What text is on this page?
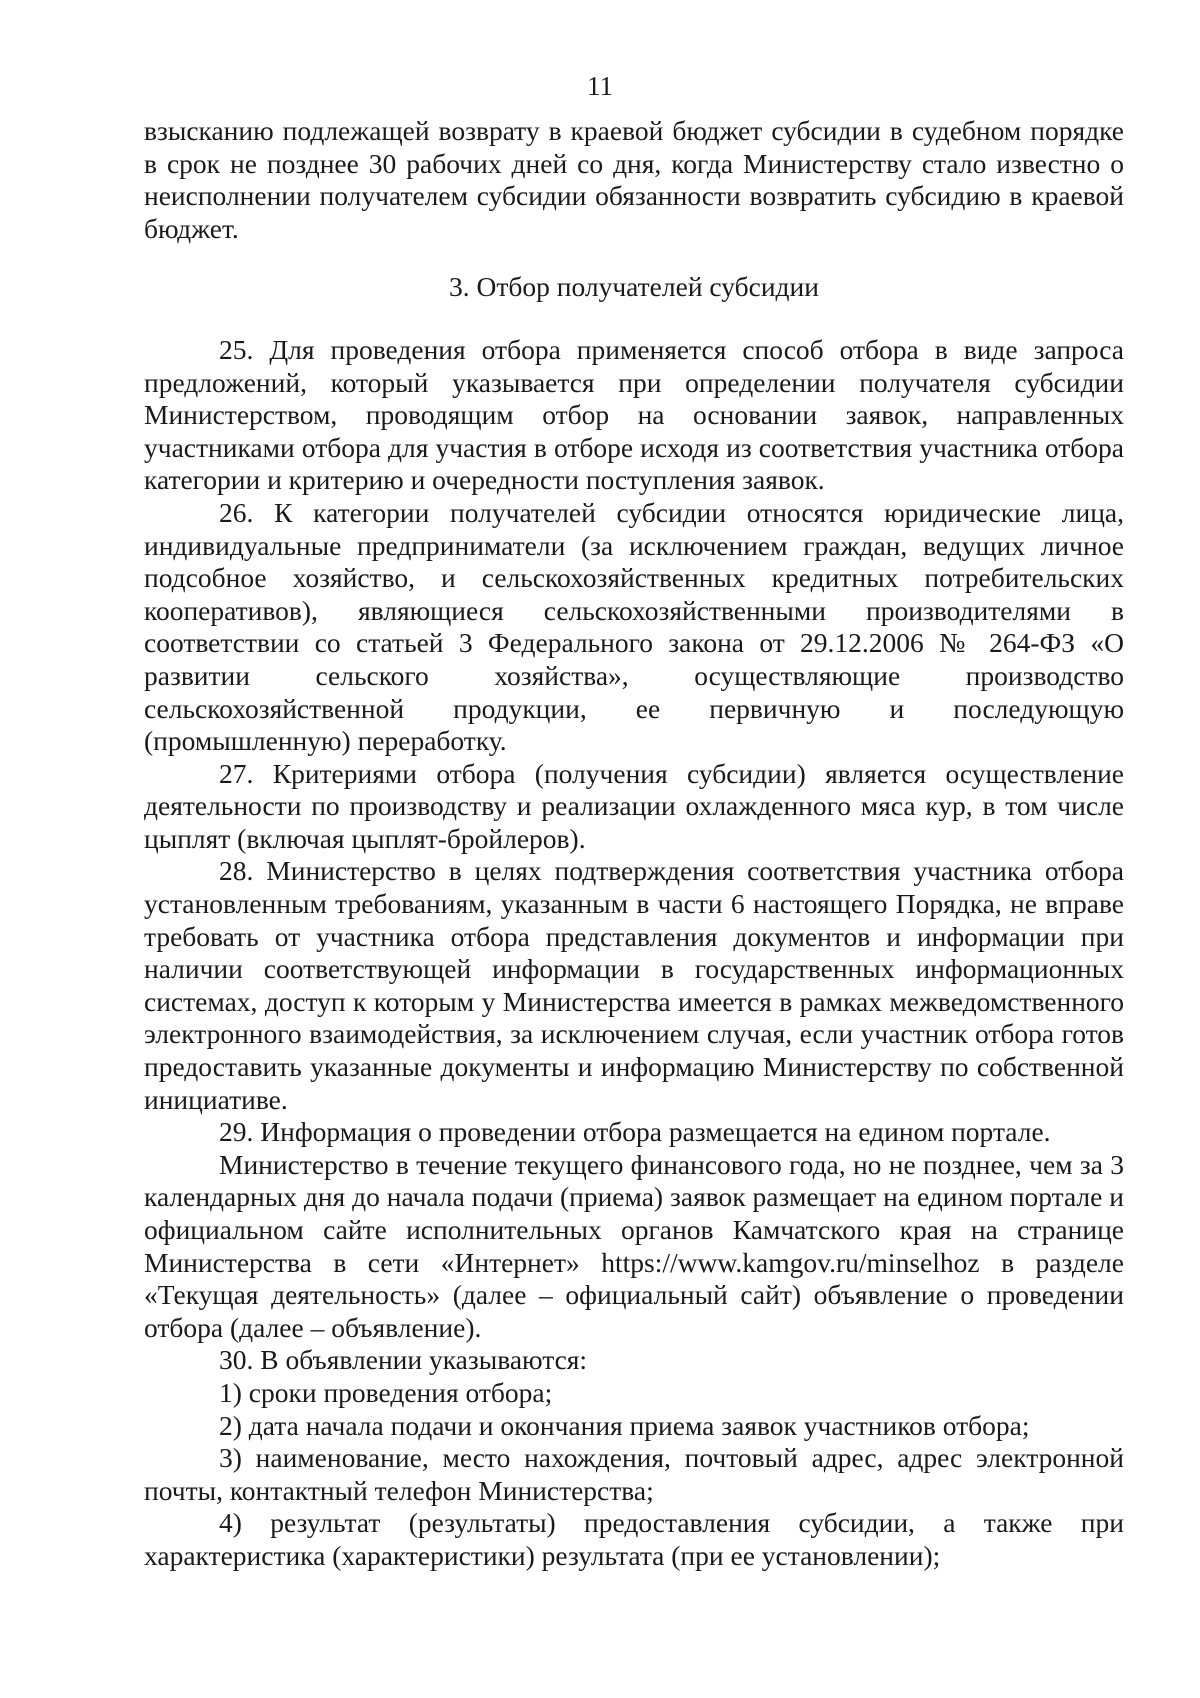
11

взысканию подлежащей возврату в краевой бюджет субсидии в судебном порядке в срок не позднее 30 рабочих дней со дня, когда Министерству стало известно о неисполнении получателем субсидии обязанности возвратить субсидию в краевой бюджет.

3. Отбор получателей субсидии

25. Для проведения отбора применяется способ отбора в виде запроса предложений, который указывается при определении получателя субсидии Министерством, проводящим отбор на основании заявок, направленных участниками отбора для участия в отборе исходя из соответствия участника отбора категории и критерию и очередности поступления заявок.

26. К категории получателей субсидии относятся юридические лица, индивидуальные предприниматели (за исключением граждан, ведущих личное подсобное хозяйство, и сельскохозяйственных кредитных потребительских кооперативов), являющиеся сельскохозяйственными производителями в соответствии со статьей 3 Федерального закона от 29.12.2006 № 264-ФЗ «О развитии сельского хозяйства», осуществляющие производство сельскохозяйственной продукции, ее первичную и последующую (промышленную) переработку.

27. Критериями отбора (получения субсидии) является осуществление деятельности по производству и реализации охлажденного мяса кур, в том числе цыплят (включая цыплят-бройлеров).

28. Министерство в целях подтверждения соответствия участника отбора установленным требованиям, указанным в части 6 настоящего Порядка, не вправе требовать от участника отбора представления документов и информации при наличии соответствующей информации в государственных информационных системах, доступ к которым у Министерства имеется в рамках межведомственного электронного взаимодействия, за исключением случая, если участник отбора готов предоставить указанные документы и информацию Министерству по собственной инициативе.

29. Информация о проведении отбора размещается на едином портале.

Министерство в течение текущего финансового года, но не позднее, чем за 3 календарных дня до начала подачи (приема) заявок размещает на едином портале и официальном сайте исполнительных органов Камчатского края на странице Министерства в сети «Интернет» https://www.kamgov.ru/minselhoz в разделе «Текущая деятельность» (далее – официальный сайт) объявление о проведении отбора (далее – объявление).

30. В объявлении указываются:

1) сроки проведения отбора;

2) дата начала подачи и окончания приема заявок участников отбора;

3) наименование, место нахождения, почтовый адрес, адрес электронной почты, контактный телефон Министерства;

4) результат (результаты) предоставления субсидии, а также при характеристика (характеристики) результата (при ее установлении);
